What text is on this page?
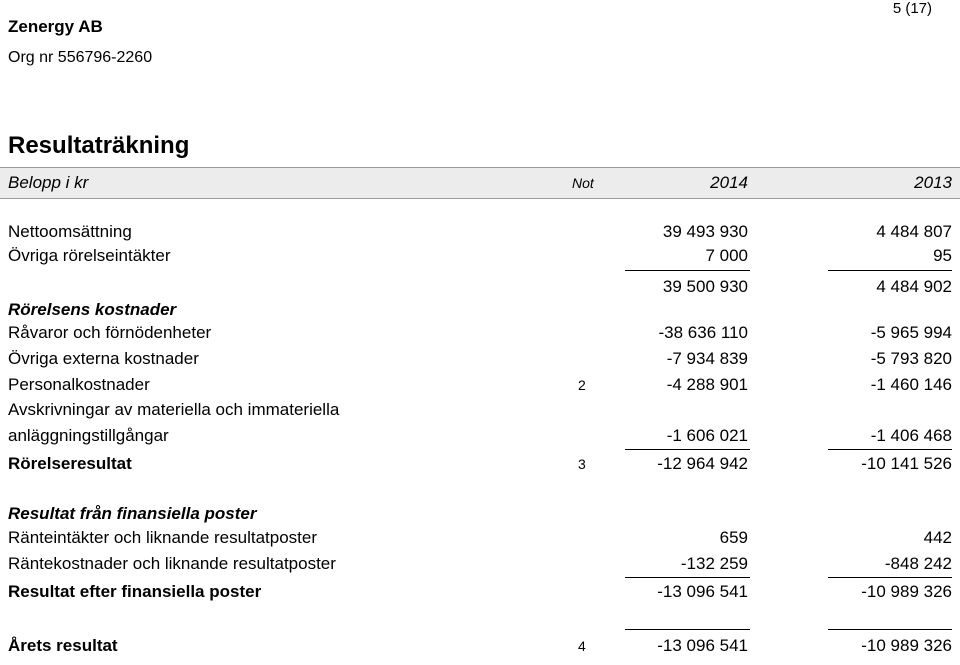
Zenergy AB
Org nr 556796-2260
5 (17)
Resultaträkning
Belopp i kr	Not	2014	2013
Nettoomsättning	39 493 930	4 484 807
Övriga rörelseintäkter	7 000	95
39 500 930	4 484 902
Rörelsens kostnader
Råvaror och förnödenheter	-38 636 110	-5 965 994
Övriga externa kostnader	-7 934 839	-5 793 820
Personalkostnader	2	-4 288 901	-1 460 146
Avskrivningar av materiella och immateriella
anläggningstillgångar	-1 606 021	-1 406 468
Rörelseresultat	3	-12 964 942	-10 141 526
Resultat från finansiella poster
Ränteintäkter och liknande resultatposter	659	442
Räntekostnader och liknande resultatposter	-132 259	-848 242
Resultat efter finansiella poster	-13 096 541	-10 989 326
Årets resultat	4	-13 096 541	-10 989 326
